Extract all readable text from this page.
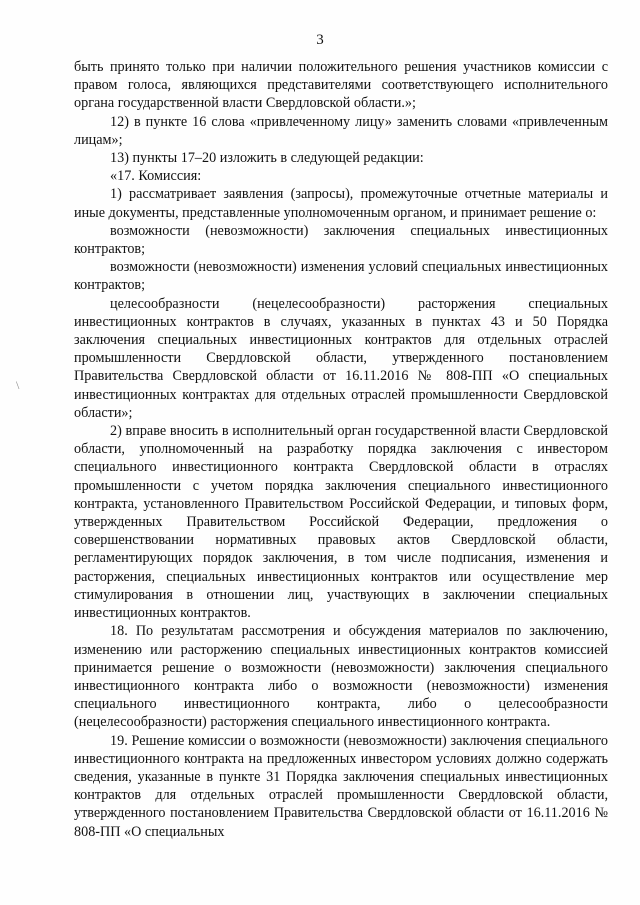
3
\

быть принято только при наличии положительного решения участников комиссии с правом голоса, являющихся представителями соответствующего исполнительного органа государственной власти Свердловской области.»;

12) в пункте 16 слова «привлеченному лицу» заменить словами «привлеченным лицам»;

13) пункты 17–20 изложить в следующей редакции:

«17. Комиссия:

1) рассматривает заявления (запросы), промежуточные отчетные материалы и иные документы, представленные уполномоченным органом, и принимает решение о:

возможности (невозможности) заключения специальных инвестиционных контрактов;

возможности (невозможности) изменения условий специальных инвестиционных контрактов;

целесообразности (нецелесообразности) расторжения специальных инвестиционных контрактов в случаях, указанных в пунктах 43 и 50 Порядка заключения специальных инвестиционных контрактов для отдельных отраслей промышленности Свердловской области, утвержденного постановлением Правительства Свердловской области от 16.11.2016 № 808-ПП «О специальных инвестиционных контрактах для отдельных отраслей промышленности Свердловской области»;

2) вправе вносить в исполнительный орган государственной власти Свердловской области, уполномоченный на разработку порядка заключения с инвестором специального инвестиционного контракта Свердловской области в отраслях промышленности с учетом порядка заключения специального инвестиционного контракта, установленного Правительством Российской Федерации, и типовых форм, утвержденных Правительством Российской Федерации, предложения о совершенствовании нормативных правовых актов Свердловской области, регламентирующих порядок заключения, в том числе подписания, изменения и расторжения, специальных инвестиционных контрактов или осуществление мер стимулирования в отношении лиц, участвующих в заключении специальных инвестиционных контрактов.

18. По результатам рассмотрения и обсуждения материалов по заключению, изменению или расторжению специальных инвестиционных контрактов комиссией принимается решение о возможности (невозможности) заключения специального инвестиционного контракта либо о возможности (невозможности) изменения специального инвестиционного контракта, либо о целесообразности (нецелесообразности) расторжения специального инвестиционного контракта.

19. Решение комиссии о возможности (невозможности) заключения специального инвестиционного контракта на предложенных инвестором условиях должно содержать сведения, указанные в пункте 31 Порядка заключения специальных инвестиционных контрактов для отдельных отраслей промышленности Свердловской области, утвержденного постановлением Правительства Свердловской области от 16.11.2016 № 808-ПП «О специальных
